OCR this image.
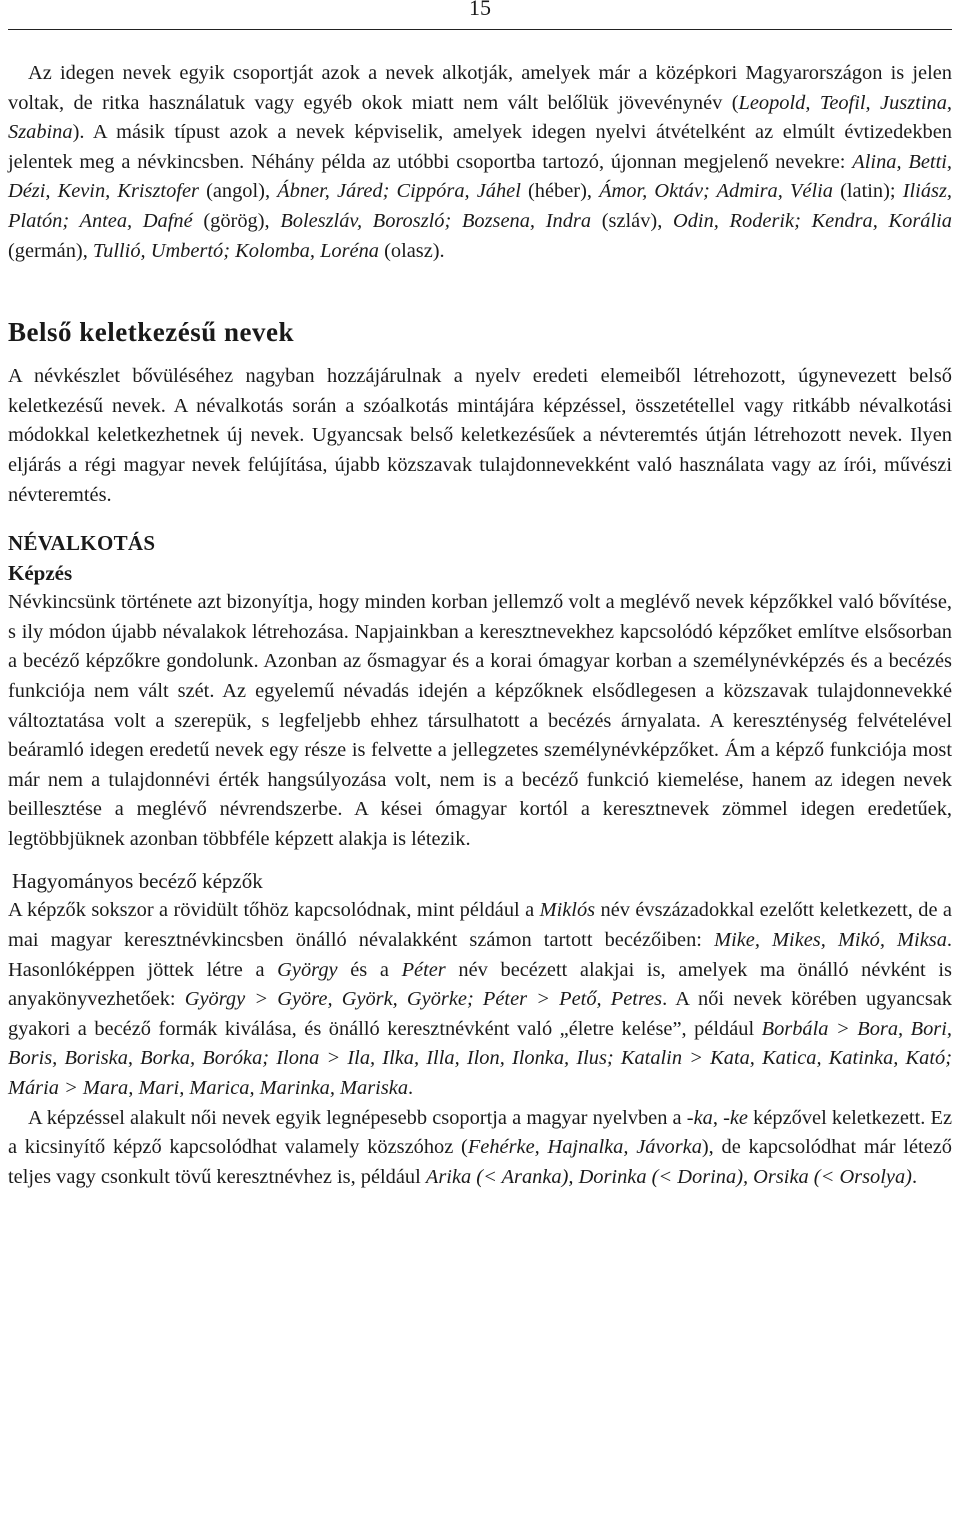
15

Az idegen nevek egyik csoportját azok a nevek alkotják, amelyek már a középkori Magyarországon is jelen voltak, de ritka használatuk vagy egyéb okok miatt nem vált belőlük jövevénynév (Leopold, Teofil, Jusztina, Szabina). A másik típust azok a nevek képviselik, amelyek idegen nyelvi átvételként az elmúlt évtizedekben jelentek meg a névkincsben. Néhány példa az utóbbi csoportba tartozó, újonnan megjelenő nevekre: Alina, Betti, Dézi, Kevin, Krisztofer (angol), Ábner, Járed; Cippóra, Jáhel (héber), Ámor, Oktáv; Admira, Vélia (latin); Iliász, Platón; Antea, Dafné (görög), Boleszláv, Boroszló; Bozsena, Indra (szláv), Odin, Roderik; Kendra, Korália (germán), Tullió, Umbertó; Kolomba, Loréna (olasz).

Belső keletkezésű nevek

A névkészlet bővüléséhez nagyban hozzájárulnak a nyelv eredeti elemeiből létrehozott, úgynevezett belső keletkezésű nevek. A névalkotás során a szóalkotás mintájára képzéssel, összetétellel vagy ritkább névalkotási módokkal keletkezhetnek új nevek. Ugyancsak belső keletkezésűek a névteremtés útján létrehozott nevek. Ilyen eljárás a régi magyar nevek felújítása, újabb közszavak tulajdonnevekként való használata vagy az írói, művészi névteremtés.

NÉVALKOTÁS
Képzés

Névkincsünk története azt bizonyítja, hogy minden korban jellemző volt a meglévő nevek képzőkkel való bővítése, s ily módon újabb névalakok létrehozása. Napjainkban a keresztnevekhez kapcsolódó képzőket említve elsősorban a becéző képzőkre gondolunk. Azonban az ősmagyar és a korai ómagyar korban a személynévképzés és a becézés funkciója nem vált szét. Az egyelemű névadás idején a képzőknek elsődlegesen a közszavak tulajdonnevekké változtatása volt a szerepük, s legfeljebb ehhez társulhatott a becézés árnyalata. A kereszténység felvételével beáramló idegen eredetű nevek egy része is felvette a jellegzetes személynévképzőket. Ám a képző funkciója most már nem a tulajdonnévi érték hangsúlyozása volt, nem is a becéző funkció kiemelése, hanem az idegen nevek beillesztése a meglévő névrendszerbe. A kései ómagyar kortól a keresztnevek zömmel idegen eredetűek, legtöbbjüknek azonban többféle képzett alakja is létezik.

Hagyományos becéző képzők

A képzők sokszor a rövidült tőhöz kapcsolódnak, mint például a Miklós név évszázadokkal ezelőtt keletkezett, de a mai magyar keresztnévkincsben önálló névalakként számon tartott becézőiben: Mike, Mikes, Mikó, Miksa. Hasonlóképpen jöttek létre a György és a Péter név becézett alakjai is, amelyek ma önálló névként is anyakönyvezhetőek: György > Györe, Györk, Györke; Péter > Pető, Petres. A női nevek körében ugyancsak gyakori a becéző formák kiválása, és önálló keresztnévként való „életre kelése”, például Borbála > Bora, Bori, Boris, Boriska, Borka, Boróka; Ilona > Ila, Ilka, Illa, Ilon, Ilonka, Ilus; Katalin > Kata, Katica, Katinka, Kató; Mária > Mara, Mari, Marica, Marinka, Mariska.

A képzéssel alakult női nevek egyik legnépesebb csoportja a magyar nyelvben a -ka, -ke képzővel keletkezett. Ez a kicsinyítő képző kapcsolódhat valamely közszóhoz (Fehérke, Hajnalka, Jávorka), de kapcsolódhat már létező teljes vagy csonkult tövű keresztnévhez is, például Arika (< Aranka), Dorinka (< Dorina), Orsika (< Orsolya).
